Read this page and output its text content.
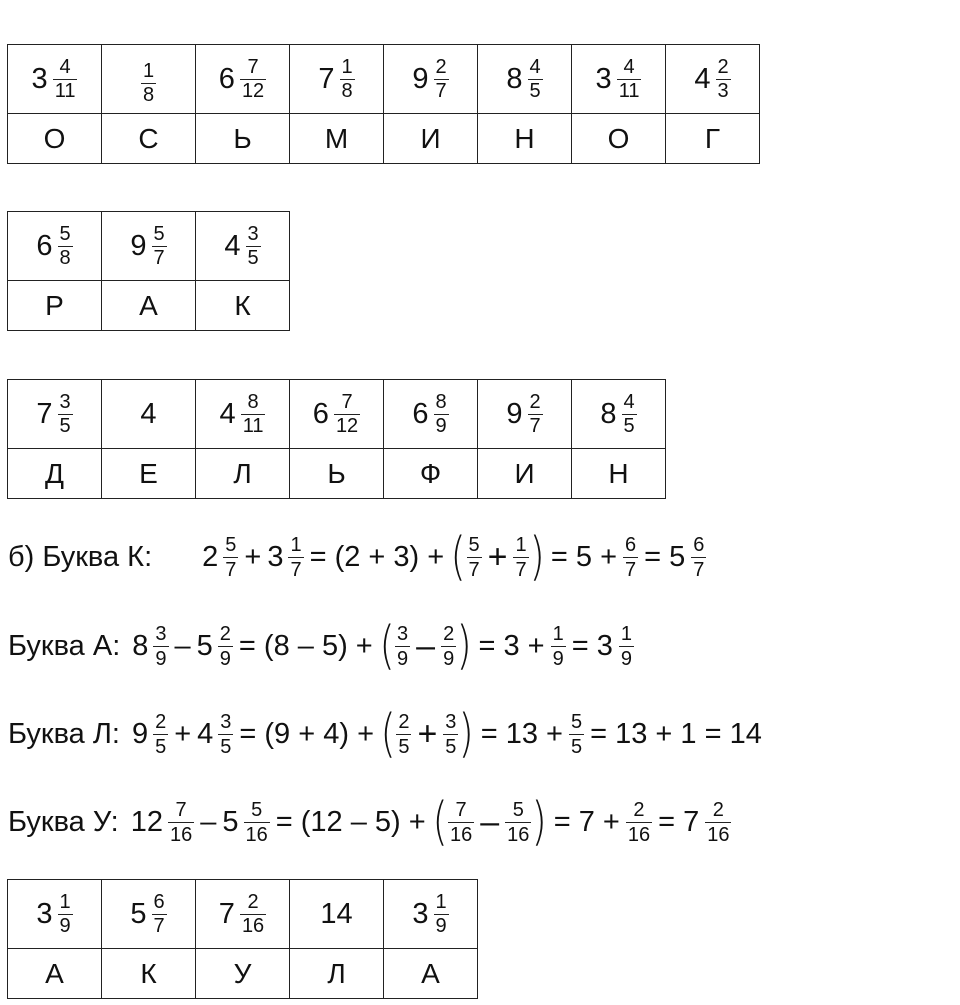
$3 \frac{4}{11}$	$\frac{1}{8}$	$6 \frac{7}{12}$	$7 \frac{1}{8}$	$9 \frac{2}{7}$	$8 \frac{4}{5}$	$3 \frac{4}{11}$	$4 \frac{2}{3}$

О	С	Ь	М	И	Н	О	Г
$6 \frac{5}{8}$	$9 \frac{5}{7}$	$4 \frac{3}{5}$

Р	А	К
$7 \frac{3}{5}$	4	$4 \frac{8}{11}$	$6 \frac{7}{12}$	$6 \frac{8}{9}$	$9 \frac{2}{7}$	$8 \frac{4}{5}$

Д	Е	Л	Ь	Ф	И	Н
б) Буква К: $2 \frac{5}{7} + 3 \frac{1}{7} = (2 + 3)$ + ( $\frac{5}{7} + \frac{1}{7}$ ) = $5 + \frac{6}{7} = 5 \frac{6}{7}$
Буква А: $8 \frac{3}{9} - 5 \frac{2}{9} = (8 - 5)$ + ( $\frac{3}{9} - \frac{2}{9}$ ) = $3 + \frac{1}{9} = 3 \frac{1}{9}$
Буква Л: $9 \frac{2}{5} + 4 \frac{3}{5} = (9 + 4)$ + ( $\frac{2}{5} + \frac{3}{5}$ ) = $13 + \frac{5}{5} = 13 + 1 = 14$
Буква У: $12 \frac{7}{16} - 5 \frac{5}{16} = (12 - 5)$ + ( $\frac{7}{16} - \frac{5}{16}$ ) = $7 + \frac{2}{16} = 7 \frac{2}{16}$
$3 \frac{1}{9}$	$5 \frac{6}{7}$	$7 \frac{2}{16}$	14	$3 \frac{1}{9}$

А	К	У	Л	А
